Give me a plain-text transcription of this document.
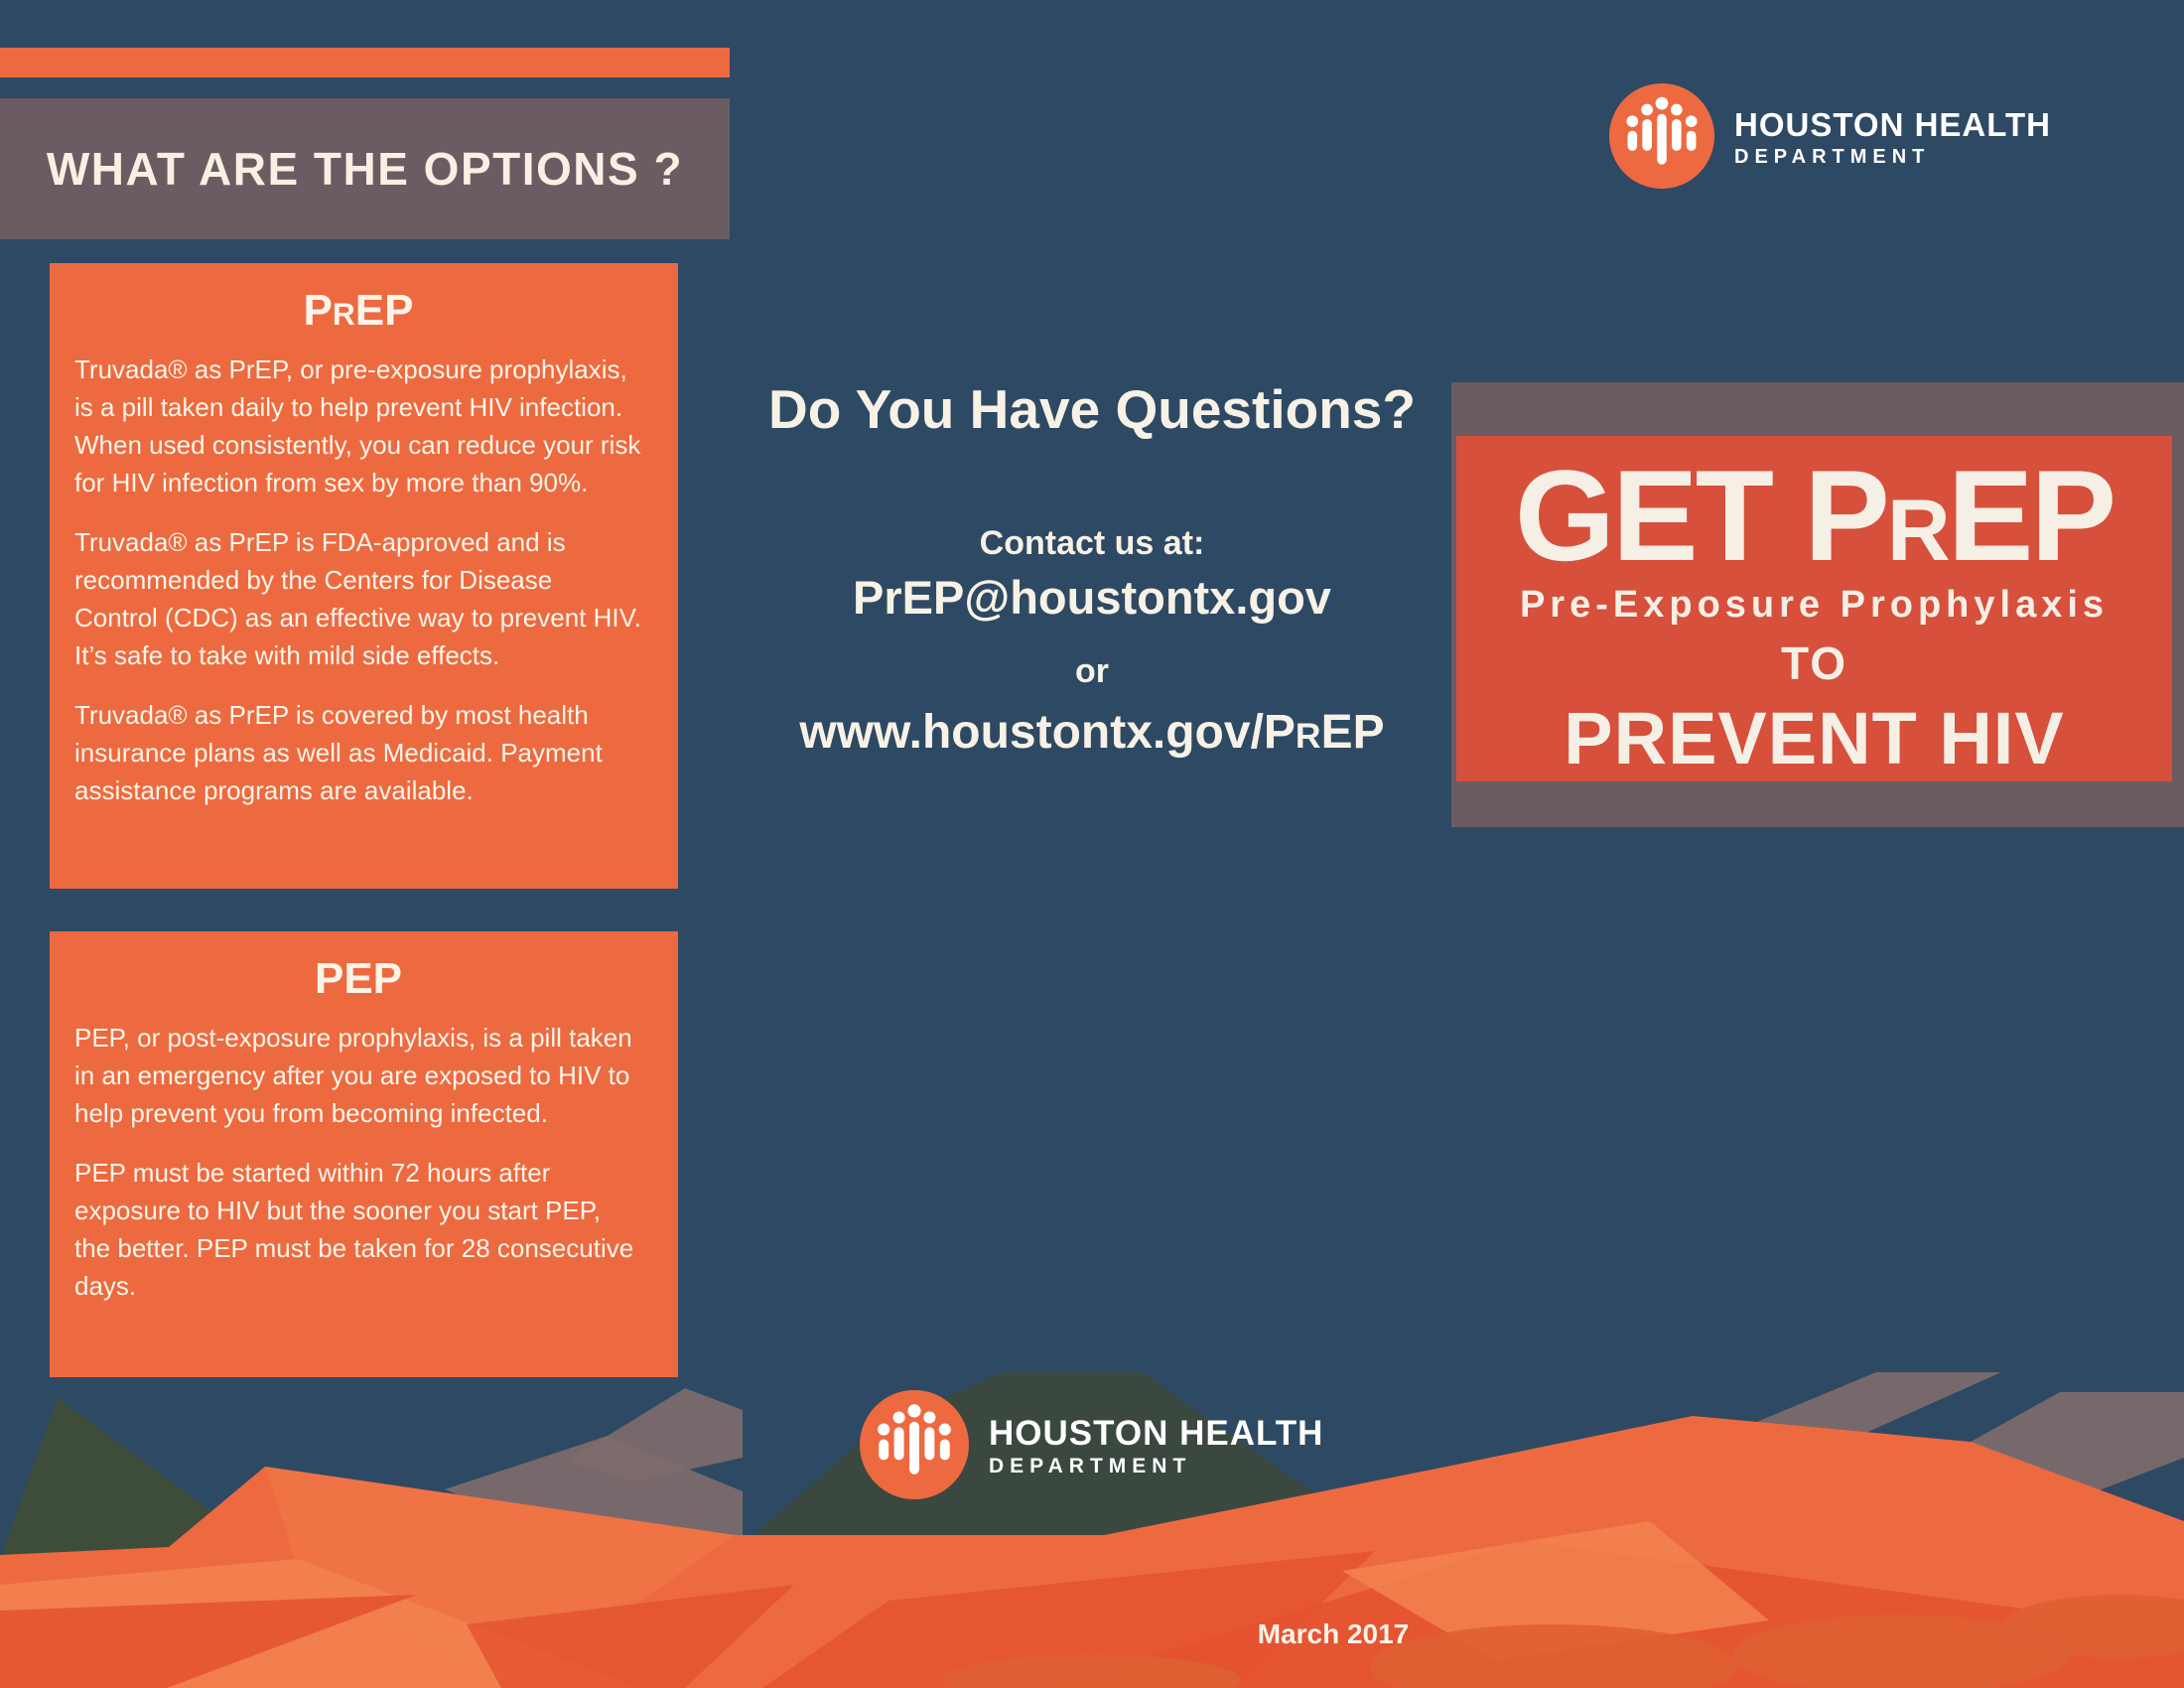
WHAT ARE THE OPTIONS ?
PREP

Truvada® as PrEP, or pre-exposure prophylaxis, is a pill taken daily to help prevent HIV infection. When used consistently, you can reduce your risk for HIV infection from sex by more than 90%.

Truvada® as PrEP is FDA-approved and is recommended by the Centers for Disease Control (CDC) as an effective way to prevent HIV. It’s safe to take with mild side effects.

Truvada® as PrEP is covered by most health insurance plans as well as Medicaid. Payment assistance programs are available.

PEP

PEP, or post-exposure prophylaxis, is a pill taken in an emergency after you are exposed to HIV to help prevent you from becoming infected.

PEP must be started within 72 hours after exposure to HIV but the sooner you start PEP, the better. PEP must be taken for 28 consecutive days.

Do You Have Questions?
Contact us at:
PrEP@houstontx.gov
or
www.houstontx.gov/PREP
HOUSTON HEALTH
DEPARTMENT
GET PREP
Pre-Exposure Prophylaxis
TO
PREVENT HIV
HOUSTON HEALTH
DEPARTMENT
March 2017
